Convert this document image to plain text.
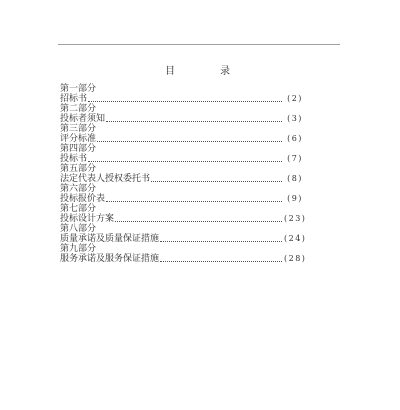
目录
第一部分
招标书	(2)
第二部分
投标者须知	(3)
第三部分
评分标准	(6)
第四部分
投标书	(7)
第五部分
法定代表人授权委托书	(8)
第六部分
投标报价表	(9)
第七部分
投标设计方案	(23)
第八部分
质量承诺及质量保证措施	(24)
第九部分
服务承诺及服务保证措施	(28)
